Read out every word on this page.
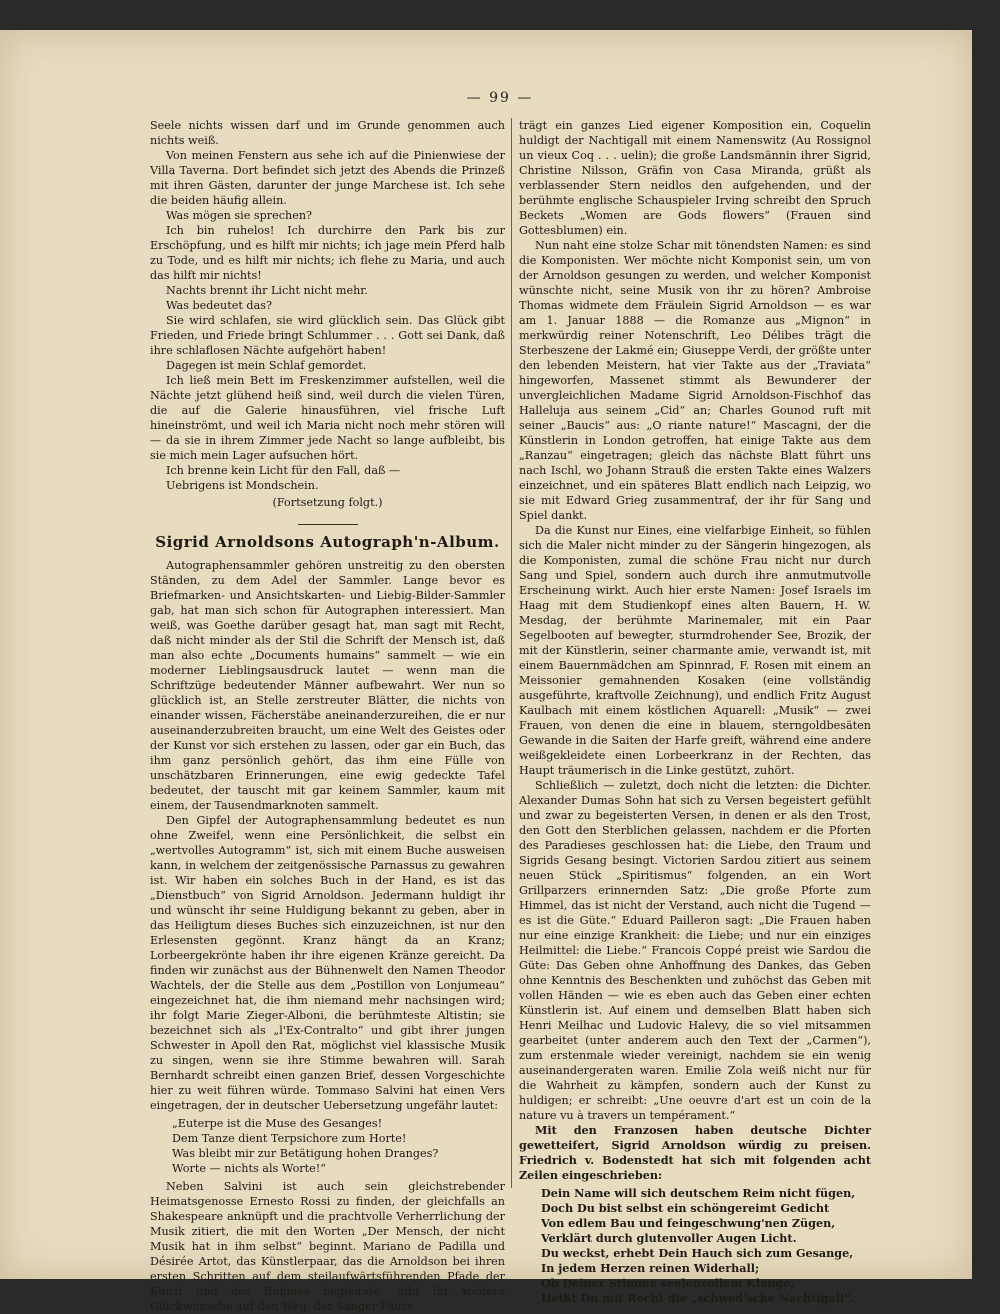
— 99 —

Seele nichts wissen darf und im Grunde genommen auch nichts weiß.

Von meinen Fenstern aus sehe ich auf die Pinienwiese der Villa Taverna. Dort befindet sich jetzt des Abends die Prinzeß mit ihren Gästen, darunter der junge Marchese ist. Ich sehe die beiden häufig allein.

Was mögen sie sprechen?

Ich bin ruhelos! Ich durchirre den Park bis zur Erschöpfung, und es hilft mir nichts; ich jage mein Pferd halb zu Tode, und es hilft mir nichts; ich flehe zu Maria, und auch das hilft mir nichts!

Nachts brennt ihr Licht nicht mehr.

Was bedeutet das?

Sie wird schlafen, sie wird glücklich sein. Das Glück gibt Frieden, und Friede bringt Schlummer . . . Gott sei Dank, daß ihre schlaflosen Nächte aufgehört haben!

Dagegen ist mein Schlaf gemordet.

Ich ließ mein Bett im Freskenzimmer aufstellen, weil die Nächte jetzt glühend heiß sind, weil durch die vielen Türen, die auf die Galerie hinausführen, viel frische Luft hineinströmt, und weil ich Maria nicht noch mehr stören will — da sie in ihrem Zimmer jede Nacht so lange aufbleibt, bis sie mich mein Lager aufsuchen hört.

Ich brenne kein Licht für den Fall, daß —

Uebrigens ist Mondschein.

(Fortsetzung folgt.)

Sigrid Arnoldsons Autograph'n-Album.

Autographensammler gehören unstreitig zu den obersten Ständen, zu dem Adel der Sammler. Lange bevor es Briefmarken- und Ansichtskarten- und Liebig-Bilder-Sammler gab, hat man sich schon für Autographen interessiert. Man weiß, was Goethe darüber gesagt hat, man sagt mit Recht, daß nicht minder als der Stil die Schrift der Mensch ist, daß man also echte „Documents humains“ sammelt — wie ein moderner Lieblingsausdruck lautet — wenn man die Schriftzüge bedeutender Männer aufbewahrt. Wer nun so glücklich ist, an Stelle zerstreuter Blätter, die nichts von einander wissen, Fächerstäbe aneinanderzureihen, die er nur auseinanderzubreiten braucht, um eine Welt des Geistes oder der Kunst vor sich erstehen zu lassen, oder gar ein Buch, das ihm ganz persönlich gehört, das ihm eine Fülle von unschätzbaren Erinnerungen, eine ewig gedeckte Tafel bedeutet, der tauscht mit gar keinem Sammler, kaum mit einem, der Tausendmarknoten sammelt.

Den Gipfel der Autographensammlung bedeutet es nun ohne Zweifel, wenn eine Persönlichkeit, die selbst ein „wertvolles Autogramm“ ist, sich mit einem Buche ausweisen kann, in welchem der zeitgenössische Parnassus zu gewahren ist. Wir haben ein solches Buch in der Hand, es ist das „Dienstbuch“ von Sigrid Arnoldson. Jedermann huldigt ihr und wünscht ihr seine Huldigung bekannt zu geben, aber in das Heiligtum dieses Buches sich einzuzeichnen, ist nur den Erlesensten gegönnt. Kranz hängt da an Kranz; Lorbeergekrönte haben ihr ihre eigenen Kränze gereicht. Da finden wir zunächst aus der Bühnenwelt den Namen Theodor Wachtels, der die Stelle aus dem „Postillon von Lonjumeau“ eingezeichnet hat, die ihm niemand mehr nachsingen wird; ihr folgt Marie Zieger-Alboni, die berühmteste Altistin; sie bezeichnet sich als „l'Ex-Contralto“ und gibt ihrer jungen Schwester in Apoll den Rat, möglichst viel klassische Musik zu singen, wenn sie ihre Stimme bewahren will. Sarah Bernhardt schreibt einen ganzen Brief, dessen Vorgeschichte hier zu weit führen würde. Tommaso Salvini hat einen Vers eingetragen, der in deutscher Uebersetzung ungefähr lautet:

„Euterpe ist die Muse des Gesanges!
Dem Tanze dient Terpsichore zum Horte!
Was bleibt mir zur Betätigung hohen Dranges?
Worte — nichts als Worte!“

Neben Salvini ist auch sein gleichstrebender Heimatsgenosse Ernesto Rossi zu finden, der gleichfalls an Shakespeare anknüpft und die prachtvolle Verherrlichung der Musik zitiert, die mit den Worten „Der Mensch, der nicht Musik hat in ihm selbst“ beginnt. Mariano de Padilla und Désirée Artot, das Künstlerpaar, das die Arnoldson bei ihren ersten Schritten auf dem steilaufwärtsführenden Pfade der Kunst und des Ruhmes begleitete, gibt ihr weitere Glückwünsche auf den Weg, der Sänger Faure

trägt ein ganzes Lied eigener Komposition ein, Coquelin huldigt der Nachtigall mit einem Namenswitz (Au Rossignol un vieux Coq . . . uelin); die große Landsmännin ihrer Sigrid, Christine Nilsson, Gräfin von Casa Miranda, grüßt als verblassender Stern neidlos den aufgehenden, und der berühmte englische Schauspieler Irving schreibt den Spruch Beckets „Women are Gods flowers“ (Frauen sind Gottesblumen) ein.

Nun naht eine stolze Schar mit tönendsten Namen: es sind die Komponisten. Wer möchte nicht Komponist sein, um von der Arnoldson gesungen zu werden, und welcher Komponist wünschte nicht, seine Musik von ihr zu hören? Ambroise Thomas widmete dem Fräulein Sigrid Arnoldson — es war am 1. Januar 1888 — die Romanze aus „Mignon“ in merkwürdig reiner Notenschrift, Leo Délibes trägt die Sterbeszene der Lakmé ein; Giuseppe Verdi, der größte unter den lebenden Meistern, hat vier Takte aus der „Traviata“ hingeworfen, Massenet stimmt als Bewunderer der unvergleichlichen Madame Sigrid Arnoldson-Fischhof das Halleluja aus seinem „Cid“ an; Charles Gounod ruft mit seiner „Baucis“ aus: „O riante nature!“ Mascagni, der die Künstlerin in London getroffen, hat einige Takte aus dem „Ranzau“ eingetragen; gleich das nächste Blatt führt uns nach Ischl, wo Johann Strauß die ersten Takte eines Walzers einzeichnet, und ein späteres Blatt endlich nach Leipzig, wo sie mit Edward Grieg zusammentraf, der ihr für Sang und Spiel dankt.

Da die Kunst nur Eines, eine vielfarbige Einheit, so fühlen sich die Maler nicht minder zu der Sängerin hingezogen, als die Komponisten, zumal die schöne Frau nicht nur durch Sang und Spiel, sondern auch durch ihre anmutmutvolle Erscheinung wirkt. Auch hier erste Namen: Josef Israels im Haag mit dem Studienkopf eines alten Bauern, H. W. Mesdag, der berühmte Marinemaler, mit ein Paar Segelbooten auf bewegter, sturmdrohender See, Brozik, der mit der Künstlerin, seiner charmante amie, verwandt ist, mit einem Bauernmädchen am Spinnrad, F. Rosen mit einem an Meissonier gemahnenden Kosaken (eine vollständig ausgeführte, kraftvolle Zeichnung), und endlich Fritz August Kaulbach mit einem köstlichen Aquarell: „Musik“ — zwei Frauen, von denen die eine in blauem, sterngoldbesäten Gewande in die Saiten der Harfe greift, während eine andere weißgekleidete einen Lorbeerkranz in der Rechten, das Haupt träumerisch in die Linke gestützt, zuhört.

Schließlich — zuletzt, doch nicht die letzten: die Dichter. Alexander Dumas Sohn hat sich zu Versen begeistert gefühlt und zwar zu begeisterten Versen, in denen er als den Trost, den Gott den Sterblichen gelassen, nachdem er die Pforten des Paradieses geschlossen hat: die Liebe, den Traum und Sigrids Gesang besingt. Victorien Sardou zitiert aus seinem neuen Stück „Spiritismus“ folgenden, an ein Wort Grillparzers erinnernden Satz: „Die große Pforte zum Himmel, das ist nicht der Verstand, auch nicht die Tugend — es ist die Güte.“ Eduard Pailleron sagt: „Die Frauen haben nur eine einzige Krankheit: die Liebe; und nur ein einziges Heilmittel: die Liebe.“ Francois Coppé preist wie Sardou die Güte: Das Geben ohne Anhoffnung des Dankes, das Geben ohne Kenntnis des Beschenkten und zuhöchst das Geben mit vollen Händen — wie es eben auch das Geben einer echten Künstlerin ist. Auf einem und demselben Blatt haben sich Henri Meilhac und Ludovic Halevy, die so viel mitsammen gearbeitet (unter anderem auch den Text der „Carmen“), zum erstenmale wieder vereinigt, nachdem sie ein wenig auseinandergeraten waren. Emilie Zola weiß nicht nur für die Wahrheit zu kämpfen, sondern auch der Kunst zu huldigen; er schreibt: „Une oeuvre d'art est un coin de la nature vu à travers un tempérament.“

Mit den Franzosen haben deutsche Dichter gewetteifert, Sigrid Arnoldson würdig zu preisen. Friedrich v. Bodenstedt hat sich mit folgenden acht Zeilen eingeschrieben:

Dein Name will sich deutschem Reim nicht fügen,
Doch Du bist selbst ein schöngereimt Gedicht
Von edlem Bau und feingeschwung'nen Zügen,
Verklärt durch glutenvoller Augen Licht.
Du weckst, erhebt Dein Hauch sich zum Gesange,
In jedem Herzen reinen Widerhall;
Ob Deiner Stimme seelenvollem Klange,
Heißt Du mit Recht die „schwed'sche Nachtigall“.
